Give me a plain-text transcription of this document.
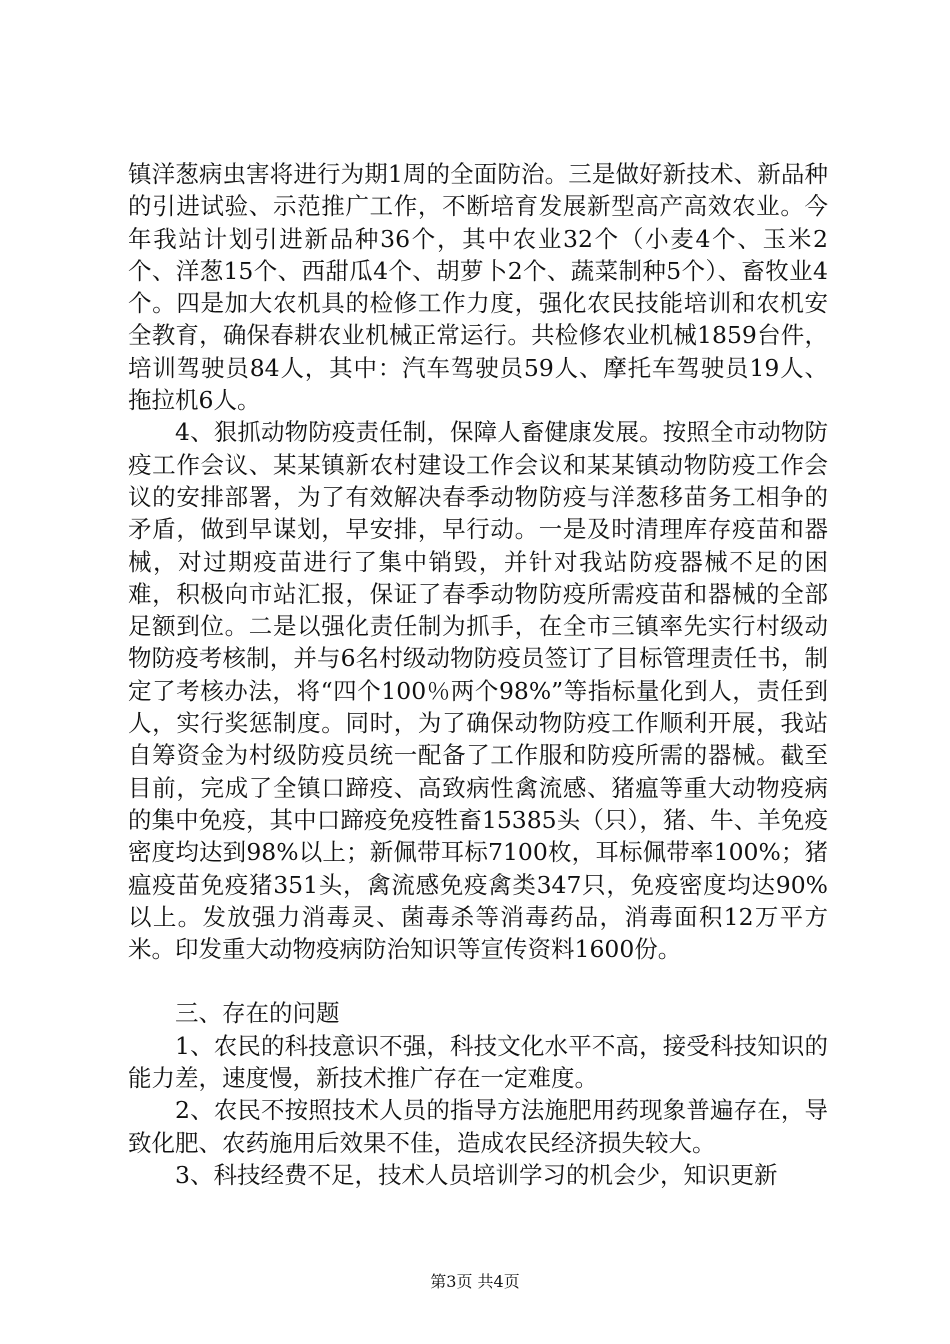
镇洋葱病虫害将进行为期1周的全面防治。三是做好新技术、新品种的引进试验、示范推广工作，不断培育发展新型高产高效农业。今年我站计划引进新品种36个，其中农业32个（小麦4个、玉米2个、洋葱15个、西甜瓜4个、胡萝卜2个、蔬菜制种5个）、畜牧业4个。四是加大农机具的检修工作力度，强化农民技能培训和农机安全教育，确保春耕农业机械正常运行。共检修农业机械1859台件，培训驾驶员84人，其中：汽车驾驶员59人、摩托车驾驶员19人、拖拉机6人。

4、狠抓动物防疫责任制，保障人畜健康发展。按照全市动物防疫工作会议、某某镇新农村建设工作会议和某某镇动物防疫工作会议的安排部署，为了有效解决春季动物防疫与洋葱移苗务工相争的矛盾，做到早谋划，早安排，早行动。一是及时清理库存疫苗和器械，对过期疫苗进行了集中销毁，并针对我站防疫器械不足的困难，积极向市站汇报，保证了春季动物防疫所需疫苗和器械的全部足额到位。二是以强化责任制为抓手，在全市三镇率先实行村级动物防疫考核制，并与6名村级动物防疫员签订了目标管理责任书，制定了考核办法，将“四个100％两个98%”等指标量化到人，责任到人，实行奖惩制度。同时，为了确保动物防疫工作顺利开展，我站自筹资金为村级防疫员统一配备了工作服和防疫所需的器械。截至目前，完成了全镇口蹄疫、高致病性禽流感、猪瘟等重大动物疫病的集中免疫，其中口蹄疫免疫牲畜15385头（只），猪、牛、羊免疫密度均达到98%以上；新佩带耳标7100枚，耳标佩带率100%；猪瘟疫苗免疫猪351头，禽流感免疫禽类347只，免疫密度均达90%以上。发放强力消毒灵、菌毒杀等消毒药品，消毒面积12万平方米。印发重大动物疫病防治知识等宣传资料1600份。

三、存在的问题

1、农民的科技意识不强，科技文化水平不高，接受科技知识的能力差，速度慢，新技术推广存在一定难度。

2、农民不按照技术人员的指导方法施肥用药现象普遍存在，导致化肥、农药施用后效果不佳，造成农民经济损失较大。

3、科技经费不足，技术人员培训学习的机会少，知识更新

第3页 共4页
